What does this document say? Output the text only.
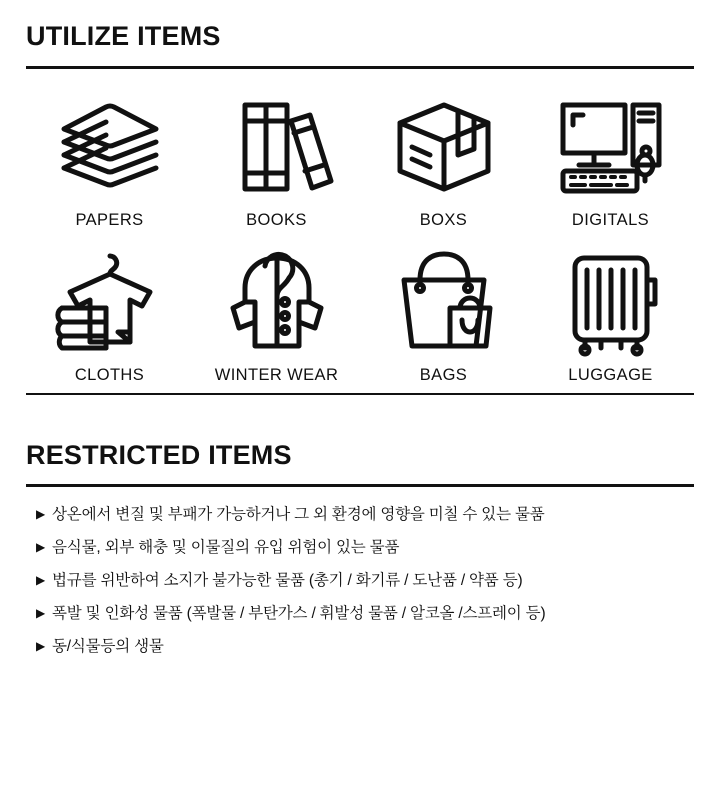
UTILIZE ITEMS
PAPERS	BOOKS	BOXS	DIGITALS
CLOTHS	WINTER WEAR	BAGS	LUGGAGE
RESTRICTED ITEMS
▶ 상온에서 변질 및 부패가 가능하거나 그 외 환경에 영향을 미칠 수 있는 물품
▶ 음식물, 외부 해충 및 이물질의 유입 위험이 있는 물품
▶ 법규를 위반하여 소지가 불가능한 물품 (총기 / 화기류 / 도난품 / 약품 등)
▶ 폭발 및 인화성 물품 (폭발물 / 부탄가스 / 휘발성 물품 / 알코올 /스프레이 등)
▶ 동/식물등의 생물
